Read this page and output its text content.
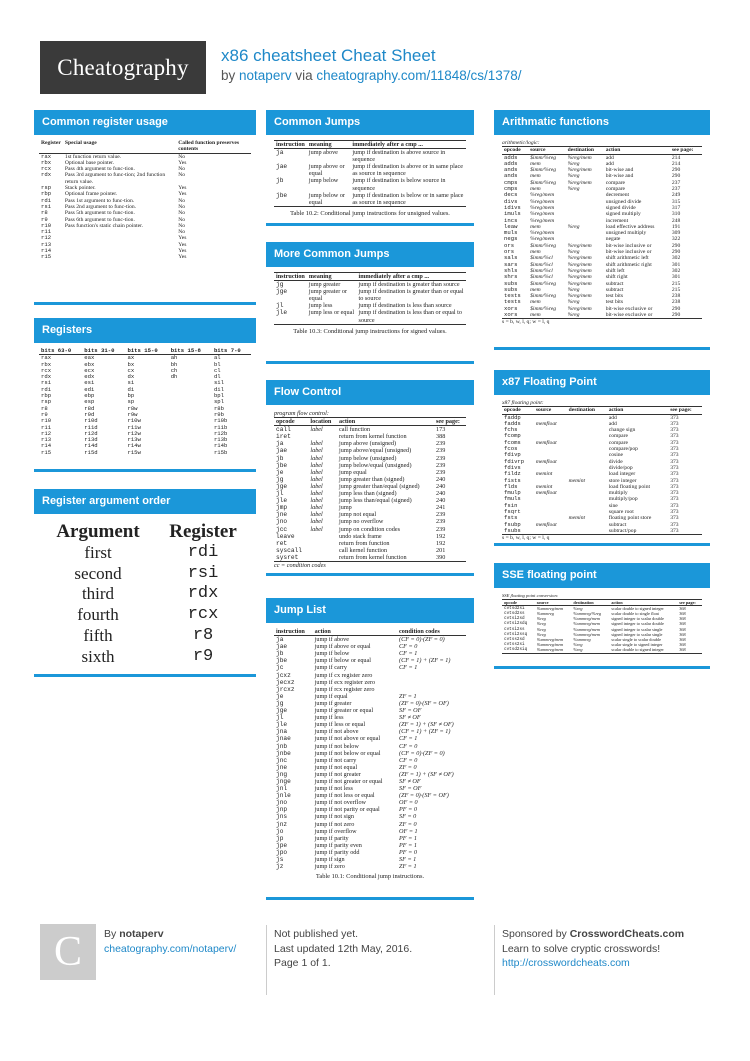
Cheatography	x86 cheatsheet Cheat Sheet
by notaperv via cheatography.com/11848/cs/1378/
Common register usage
Register	Special usage	Called function preserves contents
rax	1st function return value.	No
rbx	Optional base pointer.	Yes
rcx	Pass 4th argument to func-tion.	No
rdx	Pass 3rd argument to func-tion; 2nd function return value.	No
rsp	Stack pointer.	Yes
rbp	Optional frame pointer.	Yes
rdi	Pass 1st argument to func-tion.	No
rsi	Pass 2nd argument to func-tion.	No
r8	Pass 5th argument to func-tion.	No
r9	Pass 6th argument to func-tion.	No
r10	Pass function's static chain pointer.	No
r11		No
r12		Yes
r13		Yes
r14		Yes
r15		Yes
Registers
bits 63-0	bits 31-0	bits 15-0	bits 15-8	bits 7-0
rax	eax	ax	ah	al
rbx	ebx	bx	bh	bl
rcx	ecx	cx	ch	cl
rdx	edx	dx	dh	dl
rsi	esi	si		sil
rdi	edi	di		dil
rbp	ebp	bp		bpl
rsp	esp	sp		spl
r8	r8d	r8w		r8b
r9	r9d	r9w		r9b
r10	r10d	r10w		r10b
r11	r11d	r11w		r11b
r12	r12d	r12w		r12b
r13	r13d	r13w		r13b
r14	r14d	r14w		r14b
r15	r15d	r15w		r15b
Register argument order
Argument	Register
first	rdi
second	rsi
third	rdx
fourth	rcx
fifth	r8
sixth	r9
Common Jumps
instruction	meaning	immediately after a cmp ...
ja	jump above	jump if destination is above source in sequence
jae	jump above or equal	jump if destination is above or in same place as source in sequence
jb	jump below	jump if destination is below source in sequence
jbe	jump below or equal	jump if destination is below or in same place as source in sequence
Table 10.2: Conditional jump instructions for unsigned values.
More Common Jumps
instruction	meaning	immediately after a cmp ...
jg	jump greater	jump if destination is greater than source
jge	jump greater or equal	jump if destination is greater than or equal to source
jl	jump less	jump if destination is less than source
jle	jump less or equal	jump if destination is less than or equal to source
Table 10.3: Conditional jump instructions for signed values.
Flow Control
program flow control:
opcode	location	action	see page:
call	label	call function	173
iret		return from kernel function	388
ja	label	jump above (unsigned)	239
jae	label	jump above/equal (unsigned)	239
jb	label	jump below (unsigned)	239
jbe	label	jump below/equal (unsigned)	239
je	label	jump equal	239
jg	label	jump greater than (signed)	240
jge	label	jump greater than/equal (signed)	240
jl	label	jump less than (signed)	240
jle	label	jump less than/equal (signed)	240
jmp	label	jump	241
jne	label	jump not equal	239
jno	label	jump no overflow	239
jcc	label	jump on condition codes	239
leave		undo stack frame	192
ret		return from function	192
syscall		call kernel function	201
sysret		return from kernel function	390
cc = condition codes
Jump List
instruction	action	condition codes
ja	jump if above	(CF = 0)·(ZF = 0)
jae	jump if above or equal	CF = 0
jb	jump if below	CF = 1
jbe	jump if below or equal	(CF = 1) + (ZF = 1)
jc	jump if carry	CF = 1
jcxz	jump if cx register zero	
jecxz	jump if ecx register zero	
jrcxz	jump if rcx register zero	
je	jump if equal	ZF = 1
jg	jump if greater	(ZF = 0)·(SF = OF)
jge	jump if greater or equal	SF = OF
jl	jump if less	SF ≠ OF
jle	jump if less or equal	(ZF = 1) + (SF ≠ OF)
jna	jump if not above	(CF = 1) + (ZF = 1)
jnae	jump if not above or equal	CF = 1
jnb	jump if not below	CF = 0
jnbe	jump if not below or equal	(CF = 0)·(ZF = 0)
jnc	jump if not carry	CF = 0
jne	jump if not equal	ZF = 0
jng	jump if not greater	(ZF = 1) + (SF ≠ OF)
jnge	jump if not greater or equal	SF ≠ OF
jnl	jump if not less	SF = OF
jnle	jump if not less or equal	(ZF = 0)·(SF = OF)
jno	jump if not overflow	OF = 0
jnp	jump if not parity or equal	PF = 0
jns	jump if not sign	SF = 0
jnz	jump if not zero	ZF = 0
jo	jump if overflow	OF = 1
jp	jump if parity	PF = 1
jpe	jump if parity even	PF = 1
jpo	jump if parity odd	PF = 0
js	jump if sign	SF = 1
jz	jump if zero	ZF = 1
Table 10.1: Conditional jump instructions.
Arithmatic functions
arithmetic/logic:
opcode	source	destination	action	see page:
adds	$imm/%reg	%reg/mem	add	214
adds	mem	%reg	add	214
ands	$imm/%reg	%reg/mem	bit-wise and	290
ands	mem	%reg	bit-wise and	290
cmps	$imm/%reg	%reg/mem	compare	237
cmps	mem	%reg	compare	237
decs	%reg/mem		decrement	249
divs	%reg/mem		unsigned divide	315
idivs	%reg/mem		signed divide	317
imuls	%reg/mem		signed multiply	310
incs	%reg/mem		increment	248
leaw	mem	%reg	load effective address	191
muls	%reg/mem		unsigned multiply	309
negs	%reg/mem		negate	322
ors	$imm/%reg	%reg/mem	bit-wise inclusive or	290
ors	mem	%reg	bit-wise inclusive or	290
sals	$imm/%cl	%reg/mem	shift arithmetic left	302
sars	$imm/%cl	%reg/mem	shift arithmetic right	301
shls	$imm/%cl	%reg/mem	shift left	302
shrs	$imm/%cl	%reg/mem	shift right	301
subs	$imm/%reg	%reg/mem	subtract	215
subs	mem	%reg	subtract	215
tests	$imm/%reg	%reg/mem	test bits	238
tests	mem	%reg	test bits	238
xors	$imm/%reg	%reg/mem	bit-wise exclusive or	290
xors	mem	%reg	bit-wise exclusive or	290
s = b, w, l, q; w = l, q
x87 Floating Point
x87 floating point:
opcode	source	destination	action	see page:
faddp			add	373
fadds	memfloat		add	373
fchs			change sign	373
fcomp			compare	373
fcoms	memfloat		compare	373
fcos			compare/pop	373
fdivp			cosine	373
fdivrp	memfloat		divide	373
fdivs			divide/pop	373
fildz	memint		load integer	373
fists		memint	store integer	373
flds	memint		load floating point	373
fmulp	memfloat		multiply	373
fmuls			multiply/pop	373
fsin			sine	373
fsqrt			square root	373
fsts		memint	floating point store	373
fsubp	memfloat		subtract	373
fsubs			subtract/pop	373
s = b, w, l, q; w = l, q
SSE floating point
SSE floating point conversion:
opcode	source	destination	action	see page:
cvtsd2si	%xmmreg/mem	%reg	scalar double to signed integer	368
cvtsd2ss	%xmmreg	%xmmreg/%reg	scalar double to single float	368
cvtsi2sd	%reg	%xmmreg/mem	signed integer to scalar double	368
cvtsi2sdq	%reg	%xmmreg/mem	signed integer to scalar double	368
cvtsi2ss	%reg	%xmmreg/mem	signed integer to scalar single	368
cvtsi2ssq	%reg	%xmmreg/mem	signed integer to scalar single	368
cvtss2sd	%xmmreg/mem	%xmmreg	scalar single to scalar double	368
cvtss2si	%xmmreg/mem	%reg	scalar single to signed integer	368
cvtsd2siq	%xmmreg/mem	%reg	scalar double to signed integer	368
C	By notaperv
cheatography.com/notaperv/
Not published yet.
Last updated 12th May, 2016.
Page 1 of 1.
Sponsored by CrosswordCheats.com
Learn to solve cryptic crosswords!
http://crosswordcheats.com
